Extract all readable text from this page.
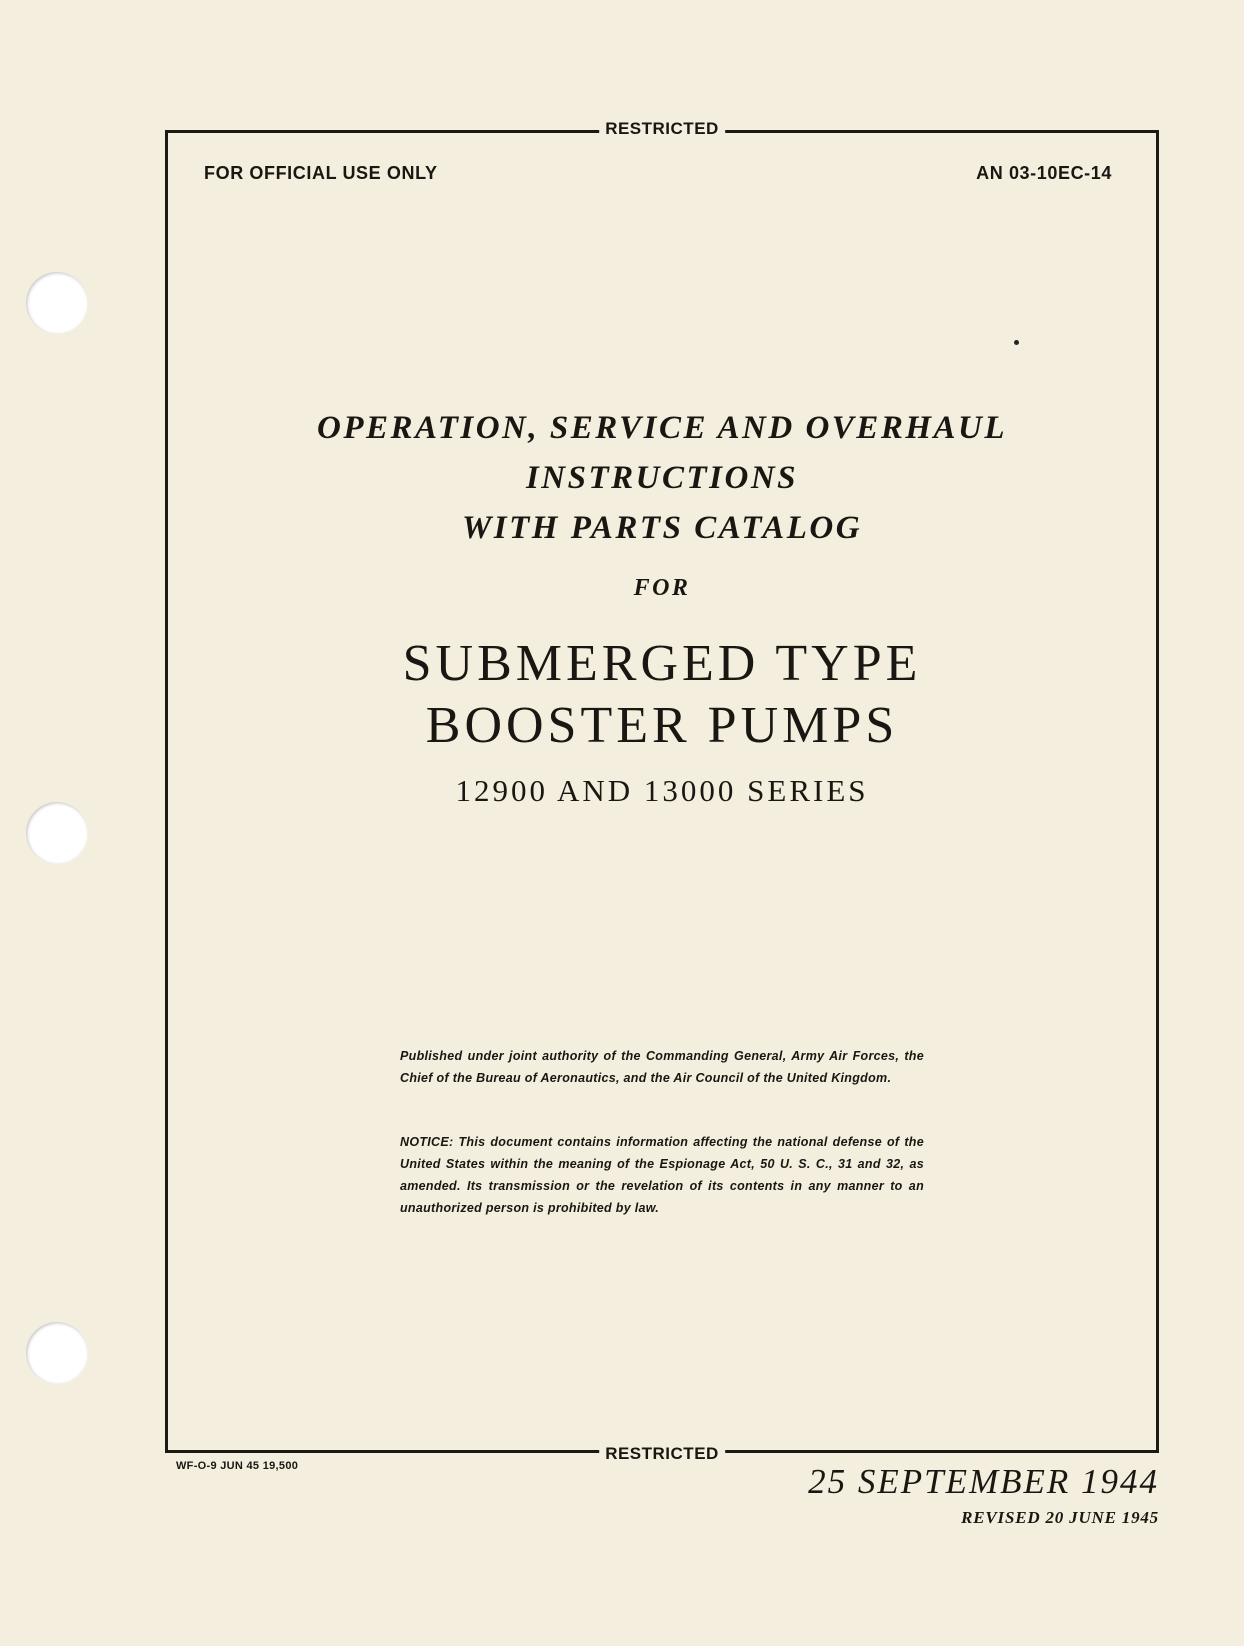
RESTRICTED
FOR OFFICIAL USE ONLY	AN 03-10EC-14
OPERATION, SERVICE AND OVERHAUL
INSTRUCTIONS
WITH PARTS CATALOG
FOR
SUBMERGED TYPE
BOOSTER PUMPS
12900 AND 13000 SERIES
Published under joint authority of the Commanding General, Army Air Forces, the Chief of the Bureau of Aeronautics, and the Air Council of the United Kingdom.
NOTICE: This document contains information affecting the national defense of the United States within the meaning of the Espionage Act, 50 U. S. C., 31 and 32, as amended. Its transmission or the revelation of its contents in any manner to an unauthorized person is prohibited by law.
RESTRICTED
WF-O-9 JUN 45 19,500	25 SEPTEMBER 1944
REVISED 20 JUNE 1945
